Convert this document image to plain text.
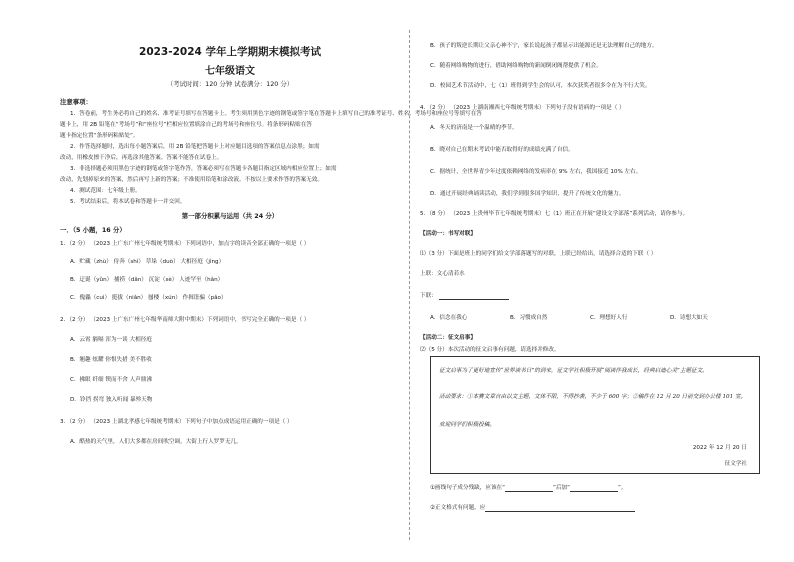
2023-2024 学年上学期期末模拟考试
七年级语文
（考试时间：120 分钟 试卷满分：120 分）
注意事项：
1．答卷前，考生务必将自己的姓名、准考证号填写在答题卡上。考生须用黑色字迹的钢笔或签字笔在答题卡上填写自己的准考证号、姓名、考场号和座位号等填写在答
题卡上，用 2B 铅笔在“考场号”和“座位号”栏相应位置填涂自己的考场号和座位号。将条形码粘贴在答
题卡指定位置“条形码粘贴处”。
2．作答选择题时，选出每小题答案后，用 2B 铅笔把答题卡上对应题目选项的答案信息点涂黑；如需
改动，用橡皮擦干净后，再选涂其他答案。答案不能答在试卷上。
3．非选择题必须用黑色字迹的钢笔或签字笔作答，答案必须写在答题卡各题目指定区域内相应位置上；如需
改动，先划掉原来的答案，然后再写上新的答案；不准使用铅笔和涂改液。不按以上要求作答的答案无效。
4．测试范围：七年级上册。
5．考试结束后，将本试卷和答题卡一并交回。
第一部分积累与运用（共 24 分）
一．（5 小题，16 分）
1．（2 分） （2023 上广东广州七年级统考期末）下列词语中，加点字的读音全部正确的一项是（ ）
A．贮藏（zhù） 侍奔（shì） 草垛（duò） 大相径庭（jìng）
B．迂诞（yǔn） 捕捞（dǎn） 沉淀（sè） 人迹罕至（hǎn）
C．傀儡（cuì） 挺拔（niǎn） 蜃楼（xún） 作揖诳骗（pǎo）
2．（2 分） （2023 上广东广州七年级华南师大附中期末）下列词语中，书写完全正确的一项是（ ）
A．云霄 膈嗝 浑为一谈 大相径庭
B．翘趣 炫耀 你恨失措 美不胜收
C．拂眼 纤细 锲而不舍 人声鼎沸
D．铃铛 拐弯 独入听闻 暴殄天物
3．（2 分） （2023 上湖北孝感七年级统考期末）下列句子中加点成语运用正确的一项是（ ）
A．酷热的天气里，人们大多都在房间吹空调，大街上行人罗罗无几。
B．孩子的叛逆长期让父亲心神不宁，家长说起孩子都显示出能源还是无法理解自己的地方。
C．随着网络购物的进行，借助网络购物的新闻倒闭阁帮提供了机会。
D．校园艺术节活动中，七（1）班得到学生会的认可，本次获奖者很多令在为不行大笑。
4．（2 分） （2023 上湖南湘西七年级统考期末）下列句子没有语病的一项是（ ）
A．冬天的济南是一个温晴的季节。
B．晓对自己在期末考试中能否取得好的成绩充满了自信。
C．据统计，全世界青少年过度依赖网络的发病率在 9% 左右，我国接近 10% 左右。
D．通过开展经典诵读活动，我们学到很多国学知识，提升了传统文化的魅力。
5．（8 分） （2023 上贵州毕节七年级统考期末）七（1）班正在开展“建设文学部落”系列活动，请你参与。
【活动一：书写对联】
⑴（3 分）下面是班上的同学们给文学部落题写的对联，上联已经给出，请选择合适的下联（ ）
上联：文心清若水
下联：
A．信念在我心	B．习惯成自然	C．理想好人行	D．诗想大如天
【活动二：征文启事】
⑵（5 分）本次活动的征文启事有问题，请选择并修改。
征文启事为了更好地宣传“世界读书日”的到来，征文学社积极开展“阅读伴我成长，经典启迪心灵”主题征文。
活动要求：①本赛文章自由以文主题，文体不限，不得抄袭，不少于 600 字；②稿件在 12 月 20 日前交到办公楼 101 室。
欢迎同学们积极投稿。
2022 年 12 月 20 日
征文学社
①画线句子成分残缺，应该在“	”后加“	”。
②正文格式有问题，应
